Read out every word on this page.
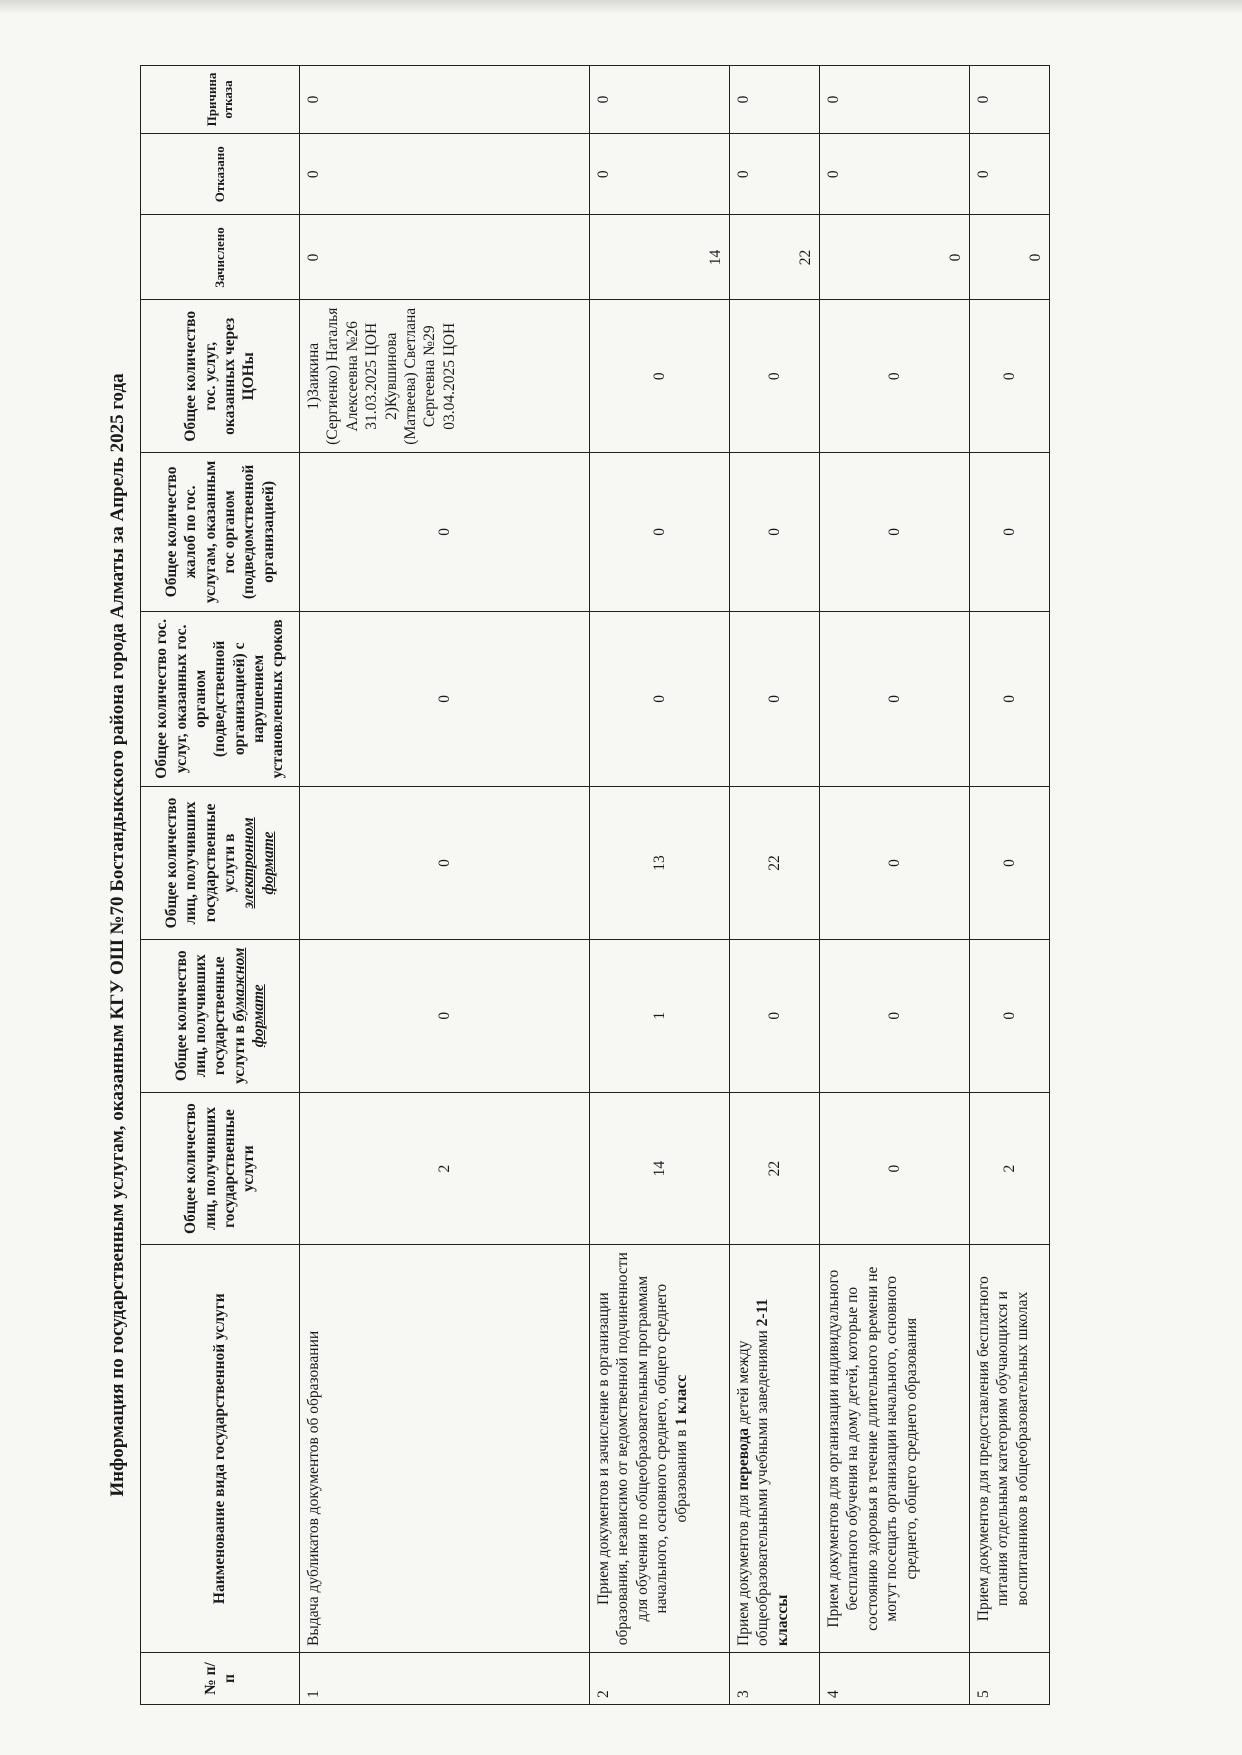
Информация по государственным услугам, оказанным КГУ ОШ №70 Бостандыкского района города Алматы за Апрель 2025 года
№ п/п	Наименование вида государственной услуги	Общее количество лиц, получивших государственные услуги	Общее количество лиц, получивших государственные услуги в бумажном формате	Общее количество лиц, получивших государственные услуги в электронном формате	Общее количество гос. услуг, оказанных гос. органом (подведственной организацией) с нарушением установленных сроков	Общее количество жалоб по гос. услугам, оказанным гос органом (подведомственной организацией)	Общее количество гос. услуг, оказанных через ЦОНы	Зачислено	Отказано	Причина отказа
1	Выдача дубликатов документов об образовании	2	0	0	0	0	1)Заикина (Сергиенко) Наталья Алексеевна №26 31.03.2025 ЦОН 2)Кувшинова (Матвеева) Светлана Сергеевна №29 03.04.2025 ЦОН	0	0	0
2	Прием документов и зачисление в организации образования, независимо от ведомственной подчиненности для обучения по общеобразовательным программам начального, основного среднего, общего среднего образования в 1 класс	14	1	13	0	0	0	14	0	0
3	Прием документов для перевода детей между общеобразовательными учебными заведениями 2-11 классы	22	0	22	0	0	0	22	0	0
4	Прием документов для организации индивидуального бесплатного обучения на дому детей, которые по состоянию здоровья в течение длительного времени не могут посещать организации начального, основного среднего, общего среднего образования	0	0	0	0	0	0	0	0	0
5	Прием документов для предоставления бесплатного питания отдельным категориям обучающихся и воспитанников в общеобразовательных школах	2	0	0	0	0	0	0	0	0
